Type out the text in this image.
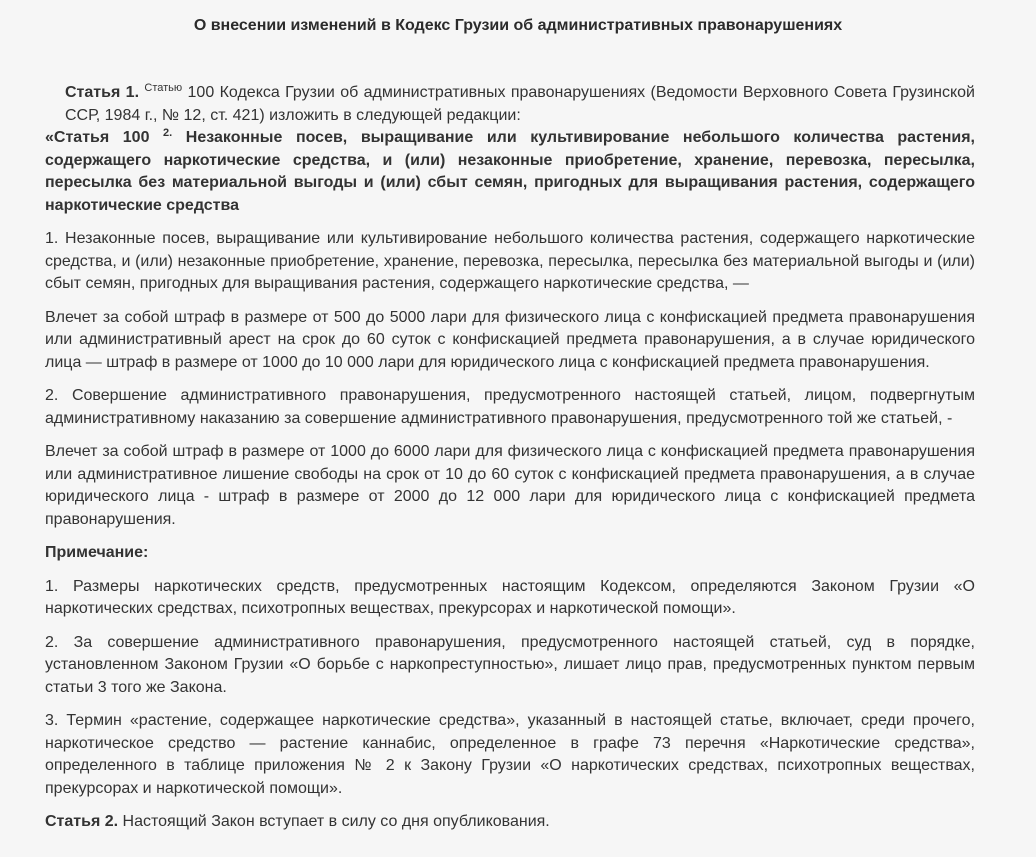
О внесении изменений в Кодекс Грузии об административных правонарушениях

Статья 1. $^{Статью}$ 100 Кодекса Грузии об административных правонарушениях (Ведомости Верховного Совета Грузинской ССР, 1984 г., № 12, ст. 421) изложить в следующей редакции:

«Статья 100 $^{2.}$ Незаконные посев, выращивание или культивирование небольшого количества растения, содержащего наркотические средства, и (или) незаконные приобретение, хранение, перевозка, пересылка, пересылка без материальной выгоды и (или) сбыт семян, пригодных для выращивания растения, содержащего наркотические средства

1. Незаконные посев, выращивание или культивирование небольшого количества растения, содержащего наркотические средства, и (или) незаконные приобретение, хранение, перевозка, пересылка, пересылка без материальной выгоды и (или) сбыт семян, пригодных для выращивания растения, содержащего наркотические средства, —

Влечет за собой штраф в размере от 500 до 5000 лари для физического лица с конфискацией предмета правонарушения или административный арест на срок до 60 суток с конфискацией предмета правонарушения, а в случае юридического лица — штраф в размере от 1000 до 10 000 лари для юридического лица с конфискацией предмета правонарушения.

2. Совершение административного правонарушения, предусмотренного настоящей статьей, лицом, подвергнутым административному наказанию за совершение административного правонарушения, предусмотренного той же статьей, -

Влечет за собой штраф в размере от 1000 до 6000 лари для физического лица с конфискацией предмета правонарушения или административное лишение свободы на срок от 10 до 60 суток с конфискацией предмета правонарушения, а в случае юридического лица - штраф в размере от 2000 до 12 000 лари для юридического лица с конфискацией предмета правонарушения.

Примечание:

1. Размеры наркотических средств, предусмотренных настоящим Кодексом, определяются Законом Грузии «О наркотических средствах, психотропных веществах, прекурсорах и наркотической помощи».

2. За совершение административного правонарушения, предусмотренного настоящей статьей, суд в порядке, установленном Законом Грузии «О борьбе с наркопреступностью», лишает лицо прав, предусмотренных пунктом первым статьи 3 того же Закона.

3. Термин «растение, содержащее наркотические средства», указанный в настоящей статье, включает, среди прочего, наркотическое средство — растение каннабис, определенное в графе 73 перечня «Наркотические средства», определенного в таблице приложения № 2 к Закону Грузии «О наркотических средствах, психотропных веществах, прекурсорах и наркотической помощи».

Статья 2. Настоящий Закон вступает в силу со дня опубликования.
